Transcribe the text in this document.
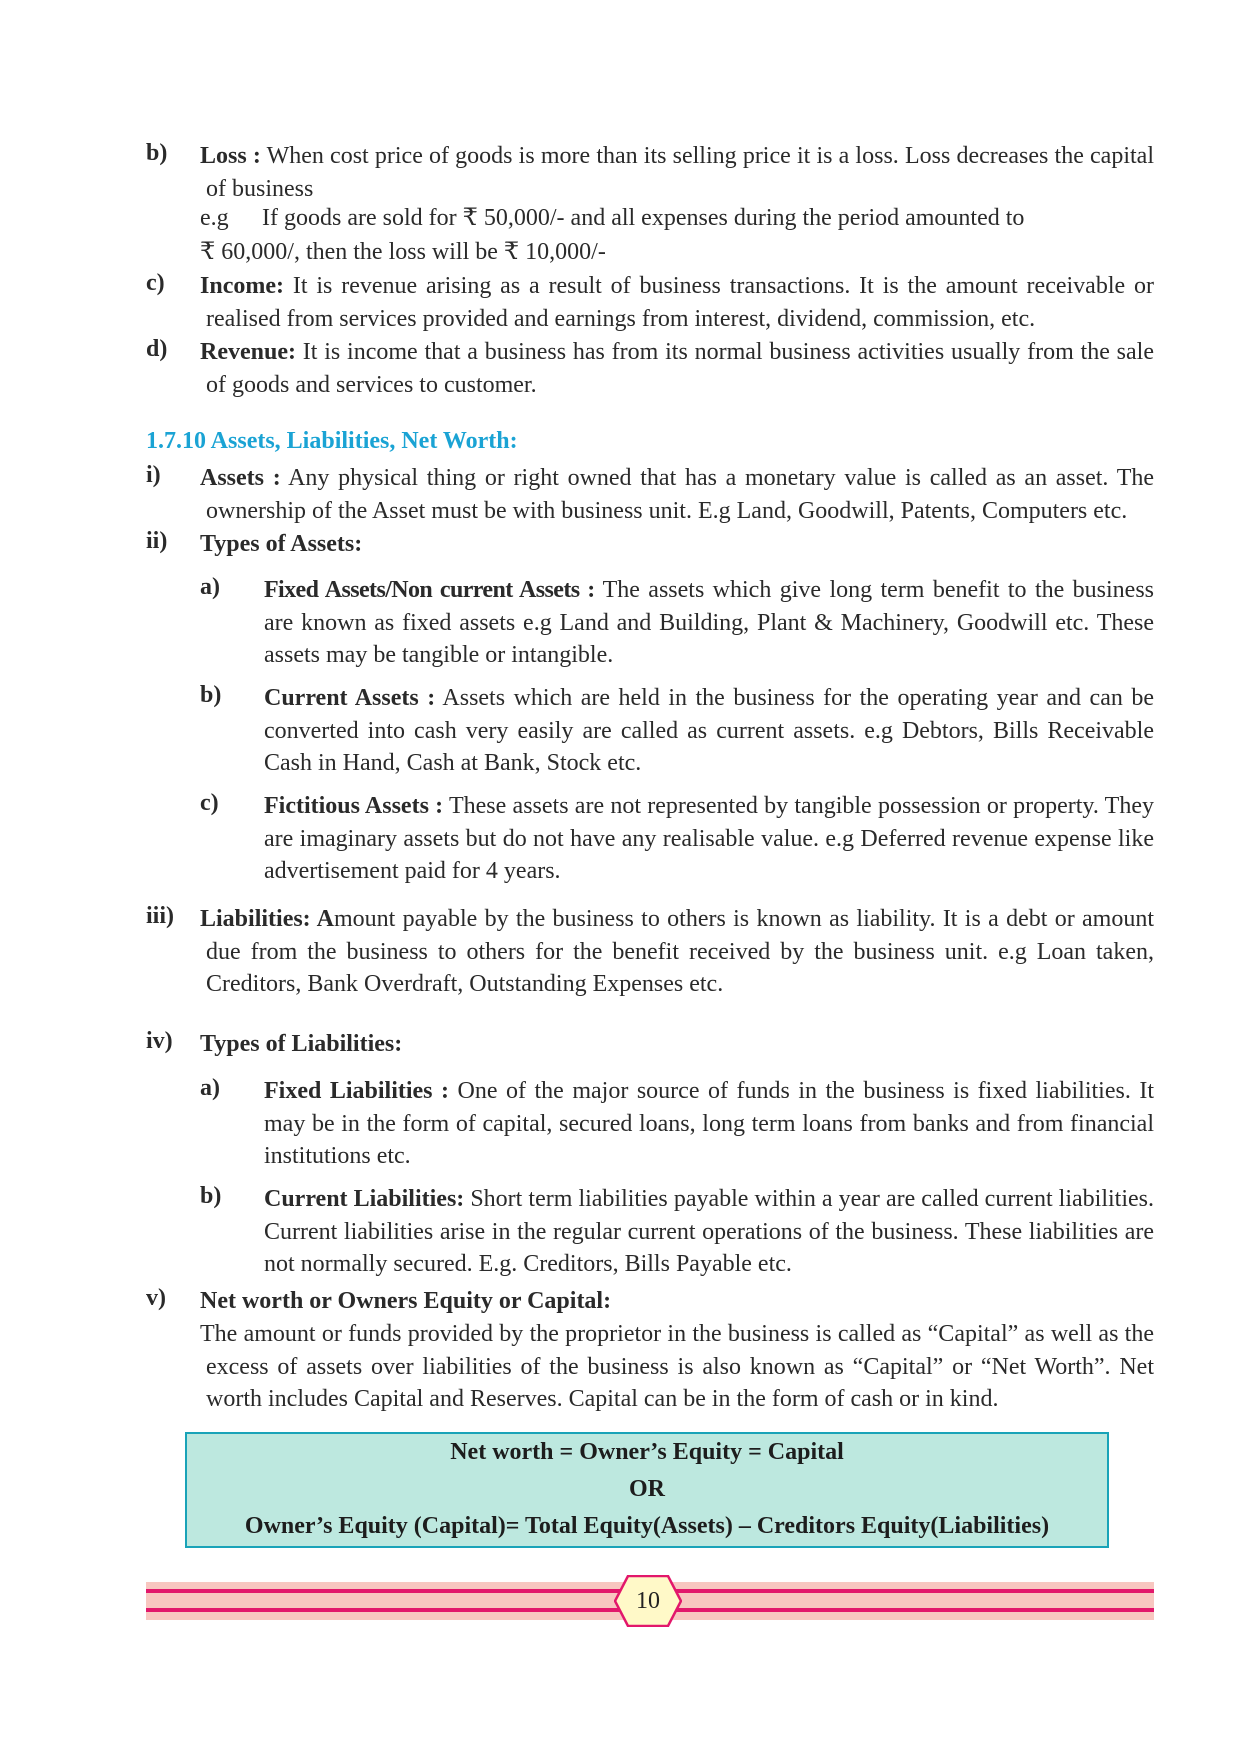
b) Loss : When cost price of goods is more than its selling price it is a loss. Loss decreases the capital of business
e.g If goods are sold for ₹ 50,000/- and all expenses during the period amounted to
₹ 60,000/, then the loss will be ₹ 10,000/-
c) Income: It is revenue arising as a result of business transactions. It is the amount receivable or realised from services provided and earnings from interest, dividend, commission, etc.
d) Revenue: It is income that a business has from its normal business activities usually from the sale of goods and services to customer.
1.7.10 Assets, Liabilities, Net Worth:
i) Assets : Any physical thing or right owned that has a monetary value is called as an asset. The ownership of the Asset must be with business unit. E.g Land, Goodwill, Patents, Computers etc.
ii) Types of Assets:
a) Fixed Assets/Non current Assets : The assets which give long term benefit to the business are known as fixed assets e.g Land and Building, Plant & Machinery, Goodwill etc. These assets may be tangible or intangible.
b) Current Assets : Assets which are held in the business for the operating year and can be converted into cash very easily are called as current assets. e.g Debtors, Bills Receivable Cash in Hand, Cash at Bank, Stock etc.
c) Fictitious Assets : These assets are not represented by tangible possession or property. They are imaginary assets but do not have any realisable value. e.g Deferred revenue expense like advertisement paid for 4 years.
iii) Liabilities: Amount payable by the business to others is known as liability. It is a debt or amount due from the business to others for the benefit received by the business unit. e.g Loan taken, Creditors, Bank Overdraft, Outstanding Expenses etc.
iv) Types of Liabilities:
a) Fixed Liabilities : One of the major source of funds in the business is fixed liabilities. It may be in the form of capital, secured loans, long term loans from banks and from financial institutions etc.
b) Current Liabilities: Short term liabilities payable within a year are called current liabilities. Current liabilities arise in the regular current operations of the business. These liabilities are not normally secured. E.g. Creditors, Bills Payable etc.
v) Net worth or Owners Equity or Capital:
The amount or funds provided by the proprietor in the business is called as “Capital” as well as the excess of assets over liabilities of the business is also known as “Capital” or “Net Worth”. Net worth includes Capital and Reserves. Capital can be in the form of cash or in kind.
Net worth = Owner’s Equity = Capital
OR
Owner’s Equity (Capital)= Total Equity(Assets) – Creditors Equity(Liabilities)
10
